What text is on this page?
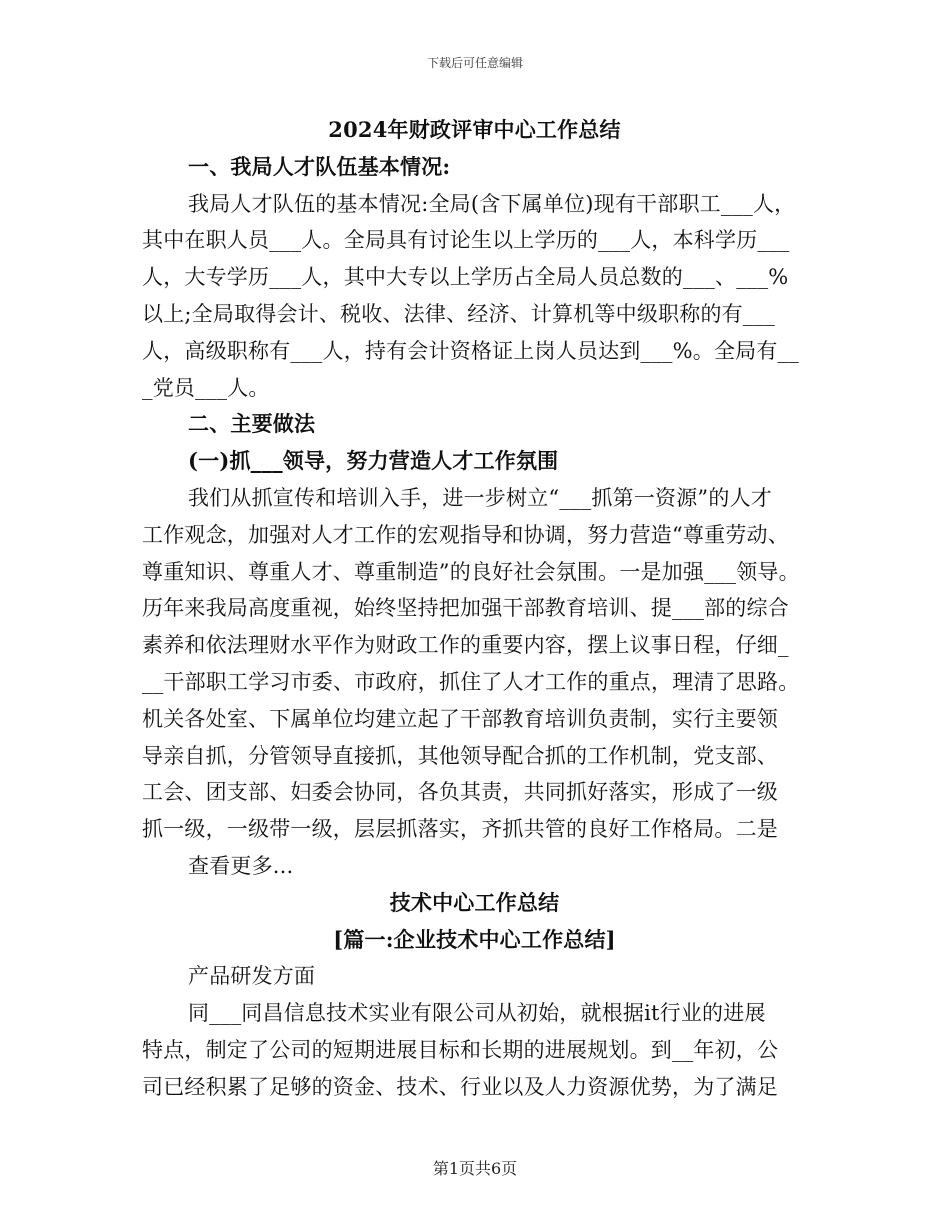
下载后可任意编辑
2024年财政评审中心工作总结
一、我局人才队伍基本情况:
我局人才队伍的基本情况:全局(含下属单位)现有干部职工___人，
其中在职人员___人。全局具有讨论生以上学历的___人，本科学历___
人，大专学历___人，其中大专以上学历占全局人员总数的___、___%
以上;全局取得会计、税收、法律、经济、计算机等中级职称的有___
人，高级职称有___人，持有会计资格证上岗人员达到___%。全局有__
_党员___人。
二、主要做法
(一)抓___领导，努力营造人才工作氛围
我们从抓宣传和培训入手，进一步树立“___抓第一资源”的人才
工作观念，加强对人才工作的宏观指导和协调，努力营造“尊重劳动、
尊重知识、尊重人才、尊重制造”的良好社会氛围。一是加强___领导。
历年来我局高度重视，始终坚持把加强干部教育培训、提___部的综合
素养和依法理财水平作为财政工作的重要内容，摆上议事日程，仔细_
__干部职工学习市委、市政府，抓住了人才工作的重点，理清了思路。
机关各处室、下属单位均建立起了干部教育培训负责制，实行主要领
导亲自抓，分管领导直接抓，其他领导配合抓的工作机制，党支部、
工会、团支部、妇委会协同，各负其责，共同抓好落实，形成了一级
抓一级，一级带一级，层层抓落实，齐抓共管的良好工作格局。二是
查看更多...
技术中心工作总结
[篇一:企业技术中心工作总结]
产品研发方面
同___同昌信息技术实业有限公司从初始，就根据it行业的进展
特点，制定了公司的短期进展目标和长期的进展规划。到__年初，公
司已经积累了足够的资金、技术、行业以及人力资源优势，为了满足
第1页共6页
